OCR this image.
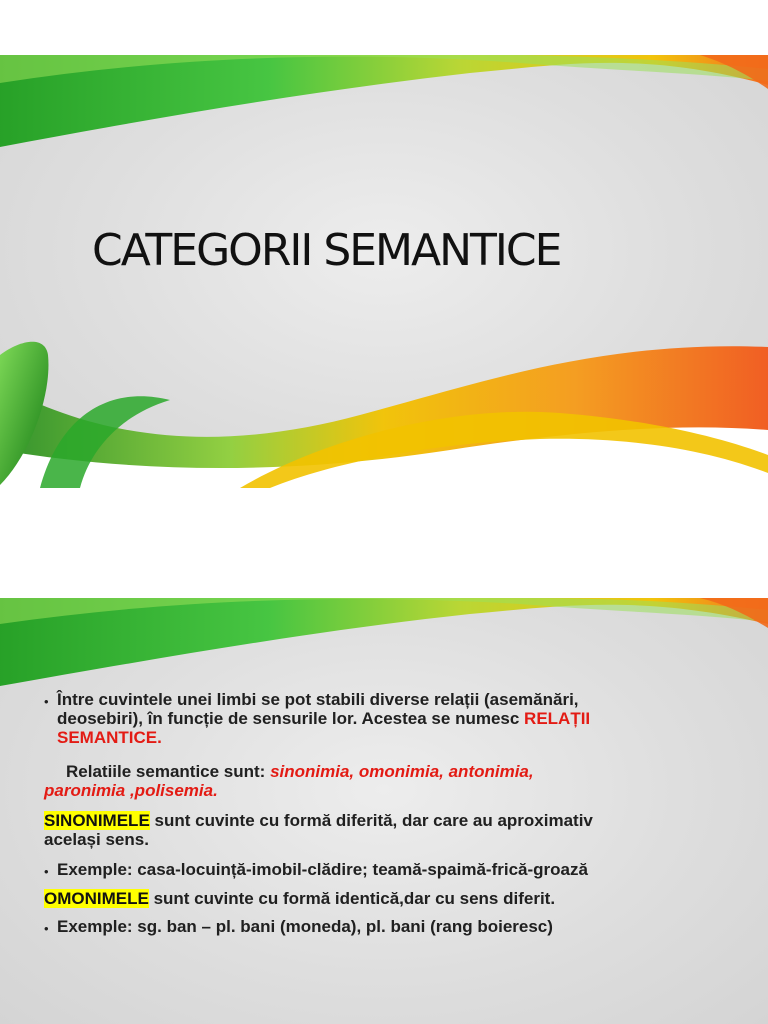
CATEGORII SEMANTICE
• Între cuvintele unei limbi se pot stabili diverse relații (asemănări,
deosebiri), în funcție de sensurile lor. Acestea se numesc RELAȚII
SEMANTICE.
Relatiile semantice sunt: sinonimia, omonimia, antonimia,
paronimia ,polisemia.
SINONIMELE sunt cuvinte cu formă diferită, dar care au aproximativ
același sens.
• Exemple: casa-locuință-imobil-clădire; teamă-spaimă-frică-groază
OMONIMELE sunt cuvinte cu formă identică,dar cu sens diferit.
• Exemple: sg. ban – pl. bani (moneda), pl. bani (rang boieresc)
